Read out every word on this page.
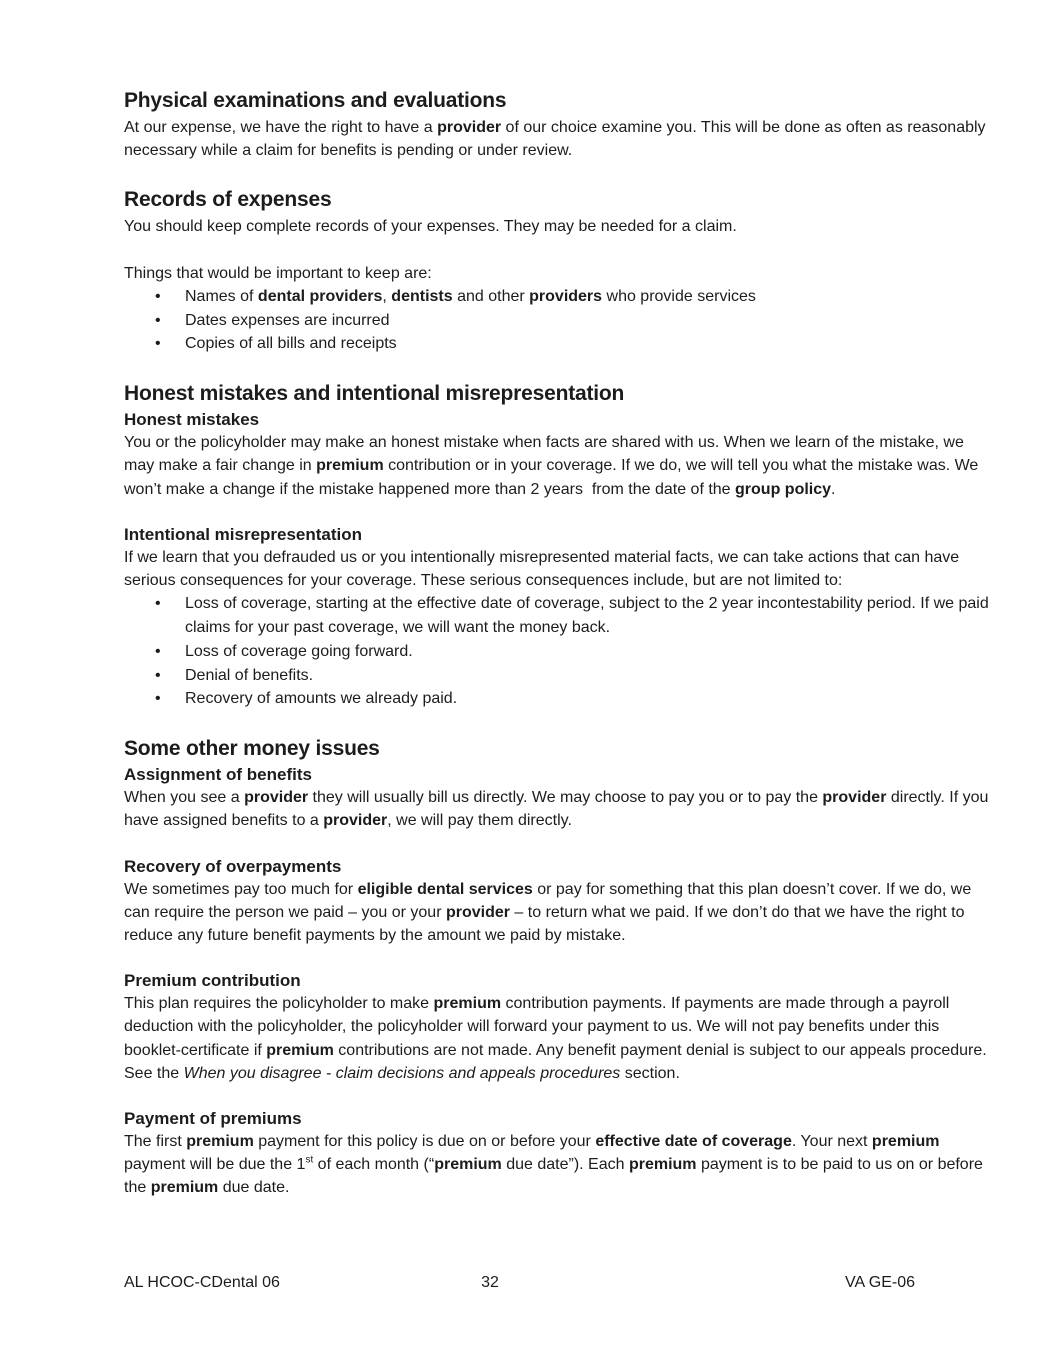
Physical examinations and evaluations

At our expense, we have the right to have a provider of our choice examine you. This will be done as often as reasonably necessary while a claim for benefits is pending or under review.

Records of expenses

You should keep complete records of your expenses. They may be needed for a claim.

Things that would be important to keep are:

• Names of dental providers, dentists and other providers who provide services
• Dates expenses are incurred
• Copies of all bills and receipts
Honest mistakes and intentional misrepresentation
Honest mistakes

You or the policyholder may make an honest mistake when facts are shared with us. When we learn of the mistake, we may make a fair change in premium contribution or in your coverage. If we do, we will tell you what the mistake was. We won’t make a change if the mistake happened more than 2 years  from the date of the group policy.

Intentional misrepresentation

If we learn that you defrauded us or you intentionally misrepresented material facts, we can take actions that can have serious consequences for your coverage. These serious consequences include, but are not limited to:

• Loss of coverage, starting at the effective date of coverage, subject to the 2 year incontestability period. If we paid claims for your past coverage, we will want the money back.
• Loss of coverage going forward.
• Denial of benefits.
• Recovery of amounts we already paid.
Some other money issues
Assignment of benefits

When you see a provider they will usually bill us directly. We may choose to pay you or to pay the provider directly. If you have assigned benefits to a provider, we will pay them directly.

Recovery of overpayments

We sometimes pay too much for eligible dental services or pay for something that this plan doesn’t cover. If we do, we can require the person we paid – you or your provider – to return what we paid. If we don’t do that we have the right to reduce any future benefit payments by the amount we paid by mistake.

Premium contribution

This plan requires the policyholder to make premium contribution payments. If payments are made through a payroll deduction with the policyholder, the policyholder will forward your payment to us. We will not pay benefits under this booklet-certificate if premium contributions are not made. Any benefit payment denial is subject to our appeals procedure.  See the When you disagree - claim decisions and appeals procedures section.

Payment of premiums

The first premium payment for this policy is due on or before your effective date of coverage. Your next premium payment will be due the 1st of each month (“premium due date”). Each premium payment is to be paid to us on or before the premium due date.

AL HCOC-CDental 06	32	VA GE-06
